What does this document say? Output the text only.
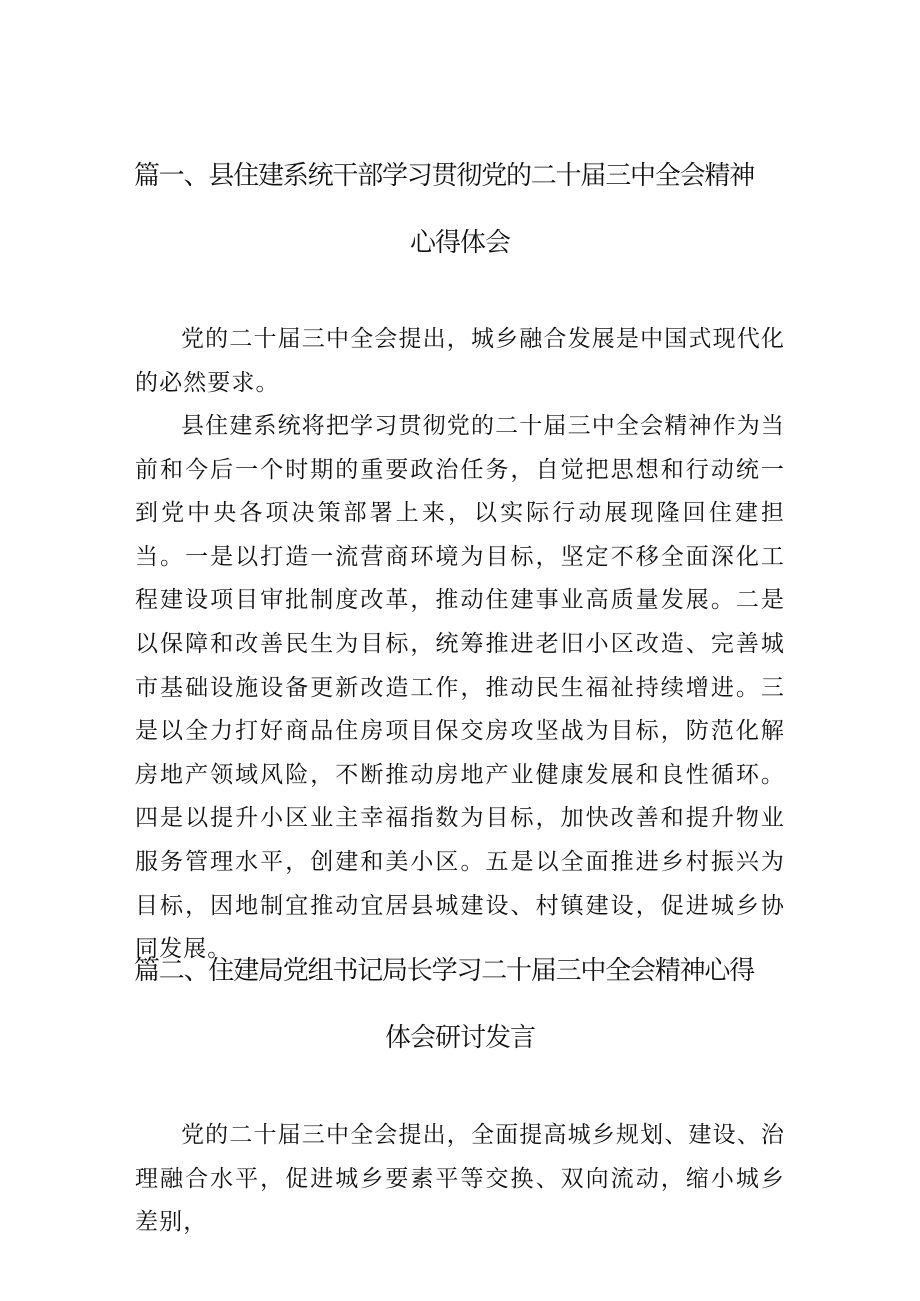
篇一、县住建系统干部学习贯彻党的二十届三中全会精神
心得体会

党的二十届三中全会提出，城乡融合发展是中国式现代化的必然要求。

县住建系统将把学习贯彻党的二十届三中全会精神作为当前和今后一个时期的重要政治任务，自觉把思想和行动统一到党中央各项决策部署上来，以实际行动展现隆回住建担当。一是以打造一流营商环境为目标，坚定不移全面深化工程建设项目审批制度改革，推动住建事业高质量发展。二是以保障和改善民生为目标，统筹推进老旧小区改造、完善城市基础设施设备更新改造工作，推动民生福祉持续增进。三是以全力打好商品住房项目保交房攻坚战为目标，防范化解房地产领域风险，不断推动房地产业健康发展和良性循环。四是以提升小区业主幸福指数为目标，加快改善和提升物业服务管理水平，创建和美小区。五是以全面推进乡村振兴为目标，因地制宜推动宜居县城建设、村镇建设，促进城乡协同发展。

篇二、住建局党组书记局长学习二十届三中全会精神心得
体会研讨发言

党的二十届三中全会提出，全面提高城乡规划、建设、治理融合水平，促进城乡要素平等交换、双向流动，缩小城乡差别，
